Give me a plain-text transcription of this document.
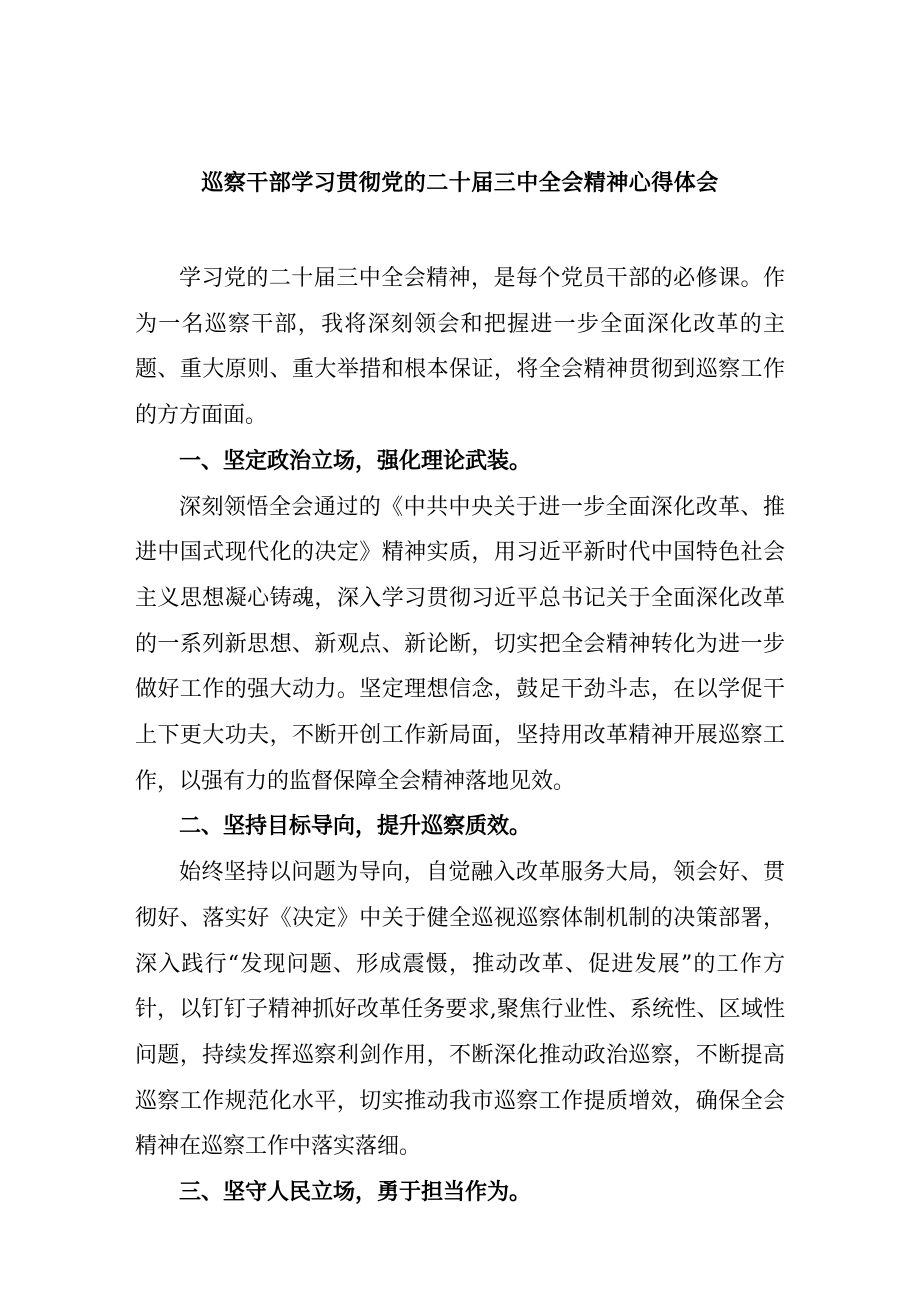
巡察干部学习贯彻党的二十届三中全会精神心得体会

学习党的二十届三中全会精神，是每个党员干部的必修课。作为一名巡察干部，我将深刻领会和把握进一步全面深化改革的主题、重大原则、重大举措和根本保证，将全会精神贯彻到巡察工作的方方面面。

一、坚定政治立场，强化理论武装。

深刻领悟全会通过的《中共中央关于进一步全面深化改革、推进中国式现代化的决定》精神实质，用习近平新时代中国特色社会主义思想凝心铸魂，深入学习贯彻习近平总书记关于全面深化改革的一系列新思想、新观点、新论断，切实把全会精神转化为进一步做好工作的强大动力。坚定理想信念，鼓足干劲斗志，在以学促干上下更大功夫，不断开创工作新局面，坚持用改革精神开展巡察工作，以强有力的监督保障全会精神落地见效。

二、坚持目标导向，提升巡察质效。

始终坚持以问题为导向，自觉融入改革服务大局，领会好、贯彻好、落实好《决定》中关于健全巡视巡察体制机制的决策部署，深入践行“发现问题、形成震慑，推动改革、促进发展”的工作方针，以钉钉子精神抓好改革任务要求,聚焦行业性、系统性、区域性问题，持续发挥巡察利剑作用，不断深化推动政治巡察，不断提高巡察工作规范化水平，切实推动我市巡察工作提质增效，确保全会精神在巡察工作中落实落细。

三、坚守人民立场，勇于担当作为。
